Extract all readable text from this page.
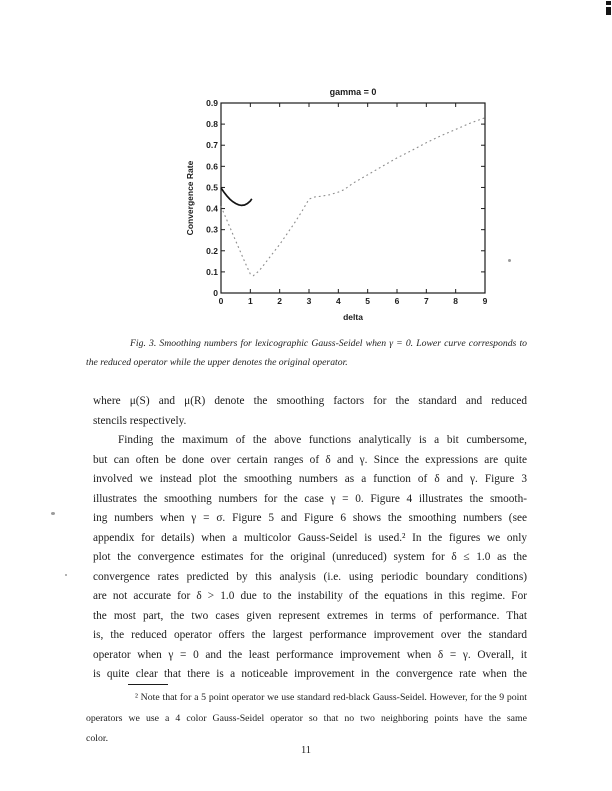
0	1	2	3	4	5	6	7	8	9
0
0.1
0.2
0.3
0.4
0.5
0.6
0.7
0.8
0.9
gamma = 0
delta
Convergence Rate
Fig. 3. Smoothing numbers for lexicographic Gauss-Seidel when γ = 0. Lower curve corresponds to
the reduced operator while the upper denotes the original operator.
where μ(S) and μ(R) denote the smoothing factors for the standard and reduced
stencils respectively.
Finding the maximum of the above functions analytically is a bit cumbersome,
but can often be done over certain ranges of δ and γ. Since the expressions are quite
involved we instead plot the smoothing numbers as a function of δ and γ. Figure 3
illustrates the smoothing numbers for the case γ = 0. Figure 4 illustrates the smooth-
ing numbers when γ = σ. Figure 5 and Figure 6 shows the smoothing numbers (see
appendix for details) when a multicolor Gauss-Seidel is used.² In the figures we only
plot the convergence estimates for the original (unreduced) system for δ ≤ 1.0 as the
convergence rates predicted by this analysis (i.e. using periodic boundary conditions)
are not accurate for δ > 1.0 due to the instability of the equations in this regime. For
the most part, the two cases given represent extremes in terms of performance. That
is, the reduced operator offers the largest performance improvement over the standard
operator when γ = 0 and the least performance improvement when δ = γ. Overall, it
is quite clear that there is a noticeable improvement in the convergence rate when the
² Note that for a 5 point operator we use standard red-black Gauss-Seidel. However, for the 9 point
operators we use a 4 color Gauss-Seidel operator so that no two neighboring points have the same
color.
11
